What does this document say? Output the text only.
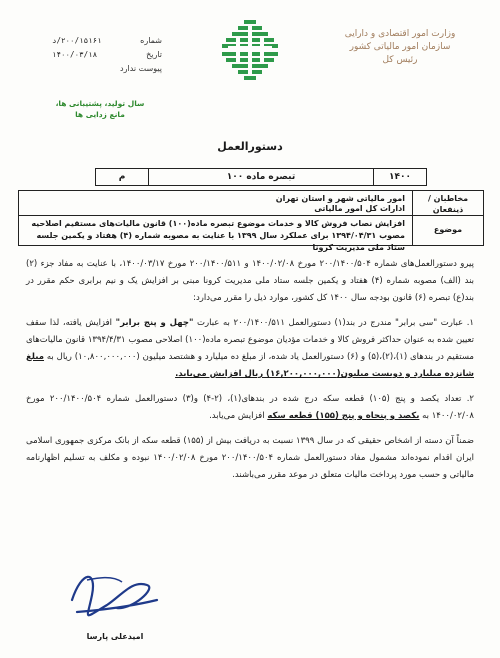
شماره
۲۰۰/۱۵۱۶۱/د
تاریخ
۱۴۰۰/۰۳/۱۸
پیوست ندارد
سال تولید، پشتیبانی ها،
مانع زدایی ها
وزارت امور اقتصادی و دارایی
سازمان امور مالیاتی کشور
رئیس کل
دستورالعمل
۱۴۰۰
تبصره ماده ۱۰۰
م
مخاطبان / ذینفعان
موضوع
امور مالیاتی شهر و استان تهران
ادارات کل امور مالیاتی
افزایش نصاب فروش کالا و خدمات موضوع تبصره ماده(۱۰۰) قانون مالیات‌های مستقیم اصلاحیه مصوب ۱۳۹۴/۰۴/۳۱ برای عملکرد سال ۱۳۹۹ با عنایت به مصوبه شماره (۴) هفتاد و یکمین جلسه ستاد ملی مدیریت کرونا

پیرو دستورالعمل‌های شماره ۲۰۰/۱۴۰۰/۵۰۴ مورخ ۱۴۰۰/۰۲/۰۸ و ۲۰۰/۱۴۰۰/۵۱۱ مورخ ۱۴۰۰/۰۳/۱۷، با عنایت به مفاد جزء (۲) بند (الف) مصوبه شماره (۴) هفتاد و یکمین جلسه ستاد ملی مدیریت کرونا مبنی بر افزایش یک و نیم برابری حکم مقرر در بند(ع) تبصره (۶) قانون بودجه سال ۱۴۰۰ کل کشور، موارد ذیل را مقرر می‌دارد:

۱. عبارت "سی برابر" مندرج در بند(۱) دستورالعمل ۲۰۰/۱۴۰۰/۵۱۱ به عبارت "چهل و پنج برابر" افزایش یافته، لذا سقف تعیین شده به عنوان حداکثر فروش کالا و خدمات مؤدیان موضوع تبصره ماده(۱۰۰) اصلاحی مصوب ۱۳۹۴/۴/۳۱ قانون مالیات‌های مستقیم در بندهای (۱)،(۲)،(۵) و (۶) دستورالعمل یاد شده، از مبلغ ده میلیارد و هشتصد میلیون (۱۰,۸۰۰,۰۰۰,۰۰۰) ریال به مبلغ شانزده میلیارد و دویست میلیون(۱۶,۲۰۰,۰۰۰,۰۰۰) ریال افزایش می‌یابد.

۲. تعداد یکصد و پنج (۱۰۵) قطعه سکه درج شده در بندهای(۱)، (۲-۴) و(۳) دستورالعمل شماره ۲۰۰/۱۴۰۰/۵۰۴ مورخ ۱۴۰۰/۰۲/۰۸ به یکصد و پنجاه و پنج (۱۵۵) قطعه سکه افزایش می‌یابد.

ضمناً آن دسته از اشخاص حقیقی که در سال ۱۳۹۹ نسبت به دریافت بیش از (۱۵۵) قطعه سکه از بانک مرکزی جمهوری اسلامی ایران اقدام نموده‌اند مشمول مفاد دستورالعمل شماره ۲۰۰/۱۴۰۰/۵۰۴ مورخ ۱۴۰۰/۰۲/۰۸ نبوده و مکلف به تسلیم اظهارنامه مالیاتی و حسب مورد پرداخت مالیات متعلق در موعد مقرر می‌باشند.

امیدعلی پارسا
